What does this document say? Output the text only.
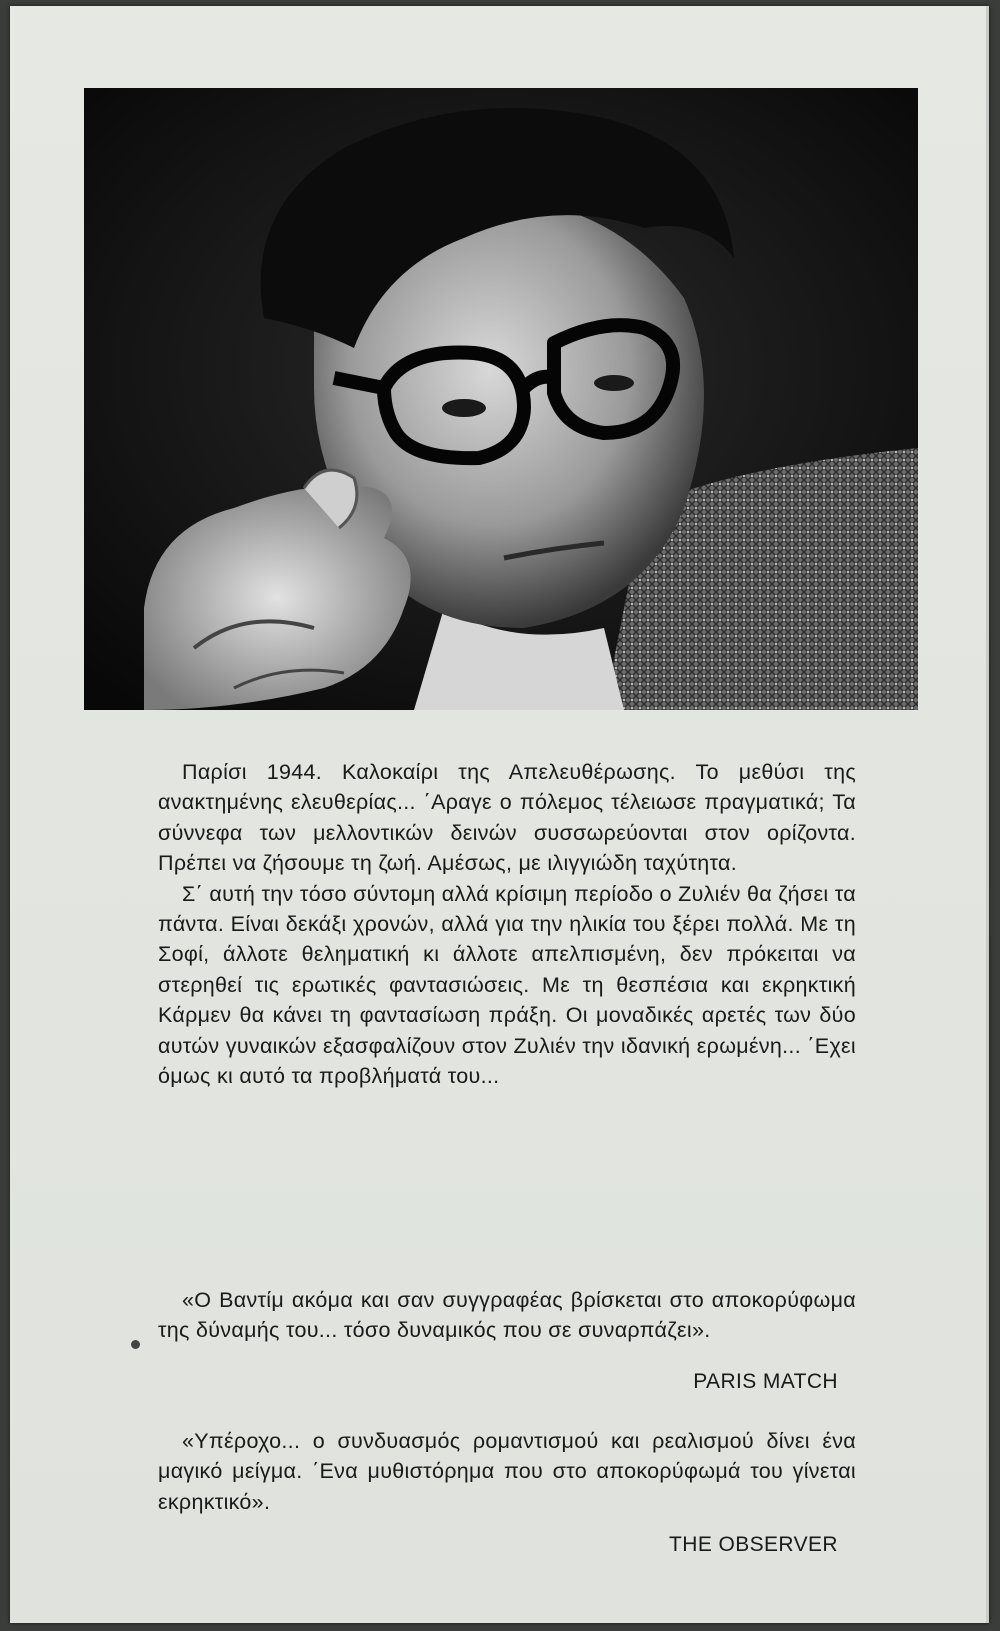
Παρίσι 1944. Καλοκαίρι της Απελευθέρωσης. Το μεθύσι της ανακτημένης ελευθερίας... ΄Αραγε ο πόλεμος τέλειωσε πραγματικά; Τα σύννεφα των μελλοντικών δεινών συσσωρεύονται στον ορίζοντα. Πρέπει να ζήσουμε τη ζωή. Αμέσως, με ιλιγγιώδη ταχύτητα.

Σ΄ αυτή την τόσο σύντομη αλλά κρίσιμη περίοδο ο Ζυλιέν θα ζήσει τα πάντα. Είναι δεκάξι χρονών, αλλά για την ηλικία του ξέρει πολλά. Με τη Σοφί, άλλοτε θεληματική κι άλλοτε απελπισμένη, δεν πρόκειται να στερηθεί τις ερωτικές φαντασιώσεις. Με τη θεσπέσια και εκρηκτική Κάρμεν θα κάνει τη φαντασίωση πράξη. Οι μοναδικές αρετές των δύο αυτών γυναικών εξασφαλίζουν στον Ζυλιέν την ιδανική ερωμένη... ΄Εχει όμως κι αυτό τα προβλήματά του...

«Ο Βαντίμ ακόμα και σαν συγγραφέας βρίσκεται στο αποκορύφωμα της δύναμής του... τόσο δυναμικός που σε συναρπάζει».

PARIS MATCH

«Υπέροχο... ο συνδυασμός ρομαντισμού και ρεαλισμού δίνει ένα μαγικό μείγμα. ΄Ενα μυθιστόρημα που στο αποκορύφωμά του γίνεται εκρηκτικό».

THE OBSERVER
